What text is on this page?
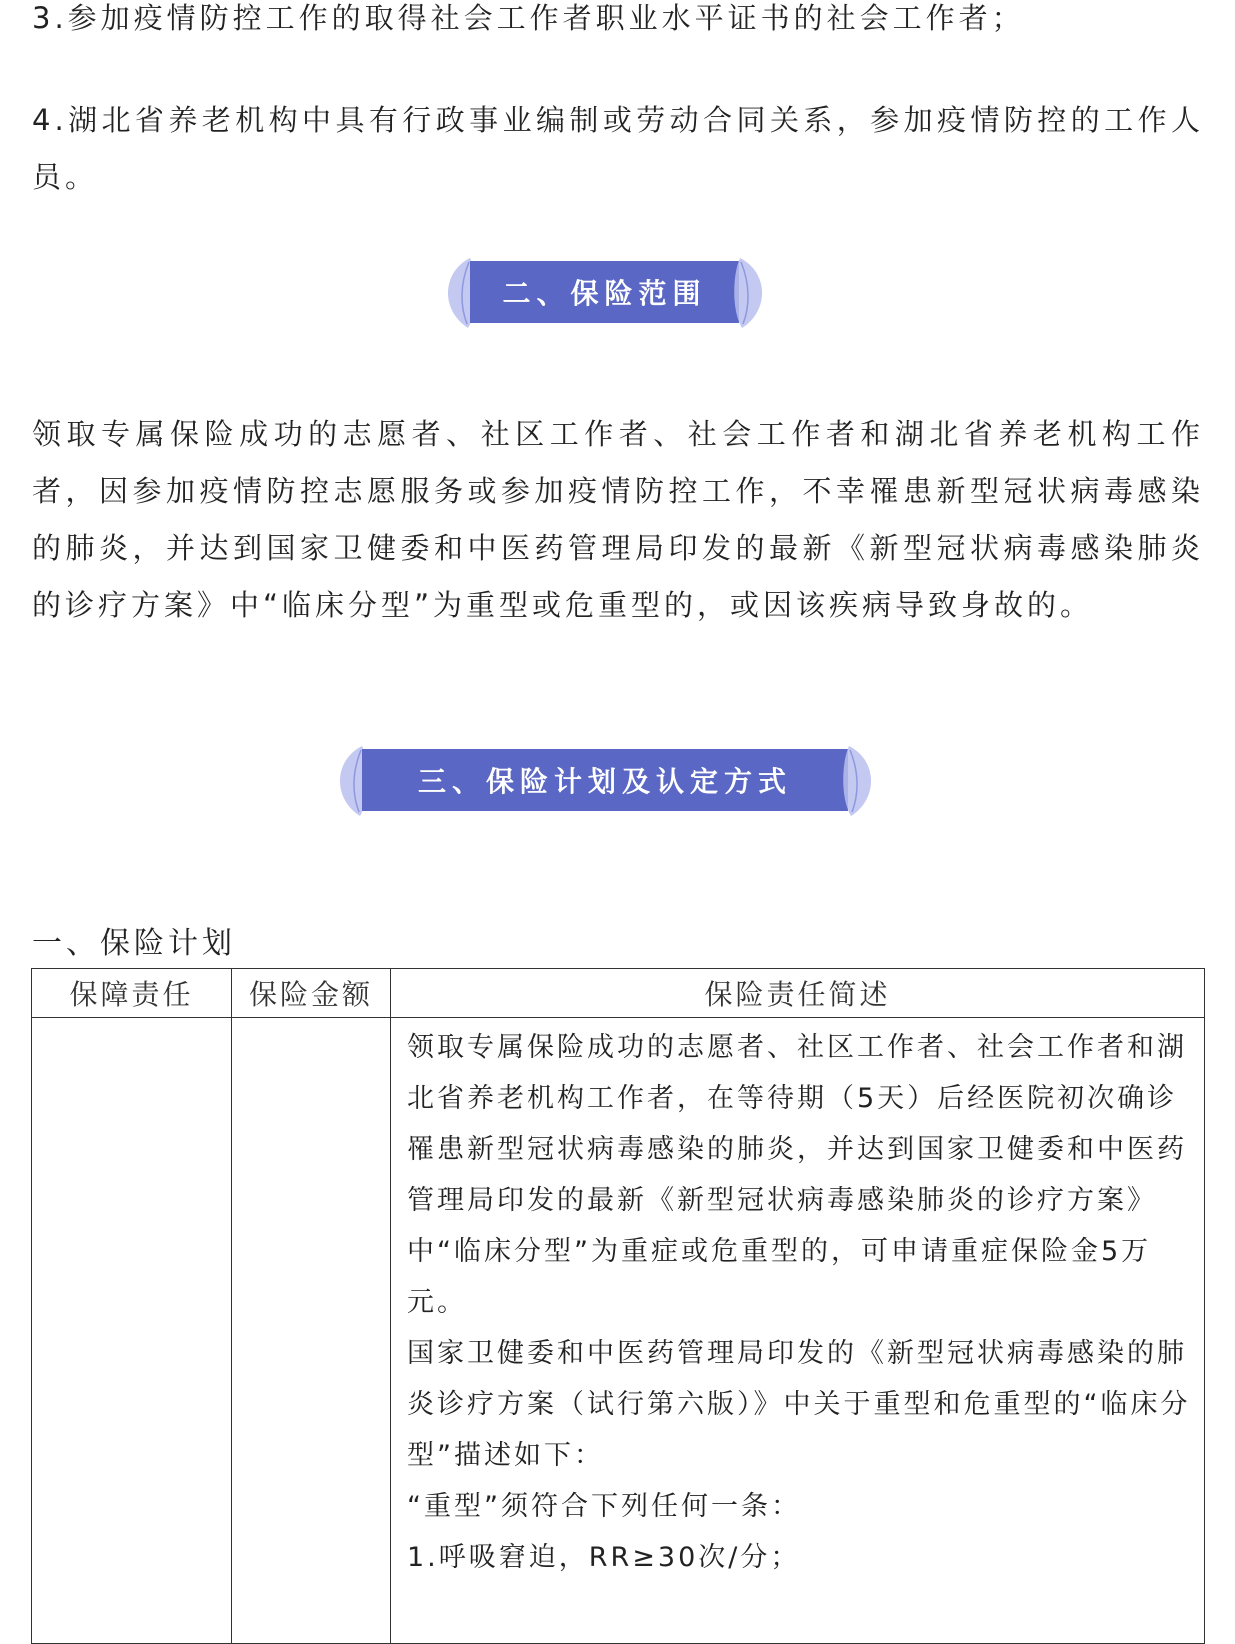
3.参加疫情防控工作的取得社会工作者职业水平证书的社会工作者；

4.湖北省养老机构中具有行政事业编制或劳动合同关系，参加疫情防控的工作人员。

二、保险范围

领取专属保险成功的志愿者、社区工作者、社会工作者和湖北省养老机构工作者，因参加疫情防控志愿服务或参加疫情防控工作，不幸罹患新型冠状病毒感染的肺炎，并达到国家卫健委和中医药管理局印发的最新《新型冠状病毒感染肺炎的诊疗方案》中“临床分型”为重型或危重型的，或因该疾病导致身故的。

三、保险计划及认定方式

一、保险计划

保障责任	保险金额	保险责任简述

		领取专属保险成功的志愿者、社区工作者、社会工作者和湖北省养老机构工作者，在等待期（5天）后经医院初次确诊罹患新型冠状病毒感染的肺炎，并达到国家卫健委和中医药管理局印发的最新《新型冠状病毒感染肺炎的诊疗方案》中“临床分型”为重症或危重型的，可申请重症保险金5万元。

国家卫健委和中医药管理局印发的《新型冠状病毒感染的肺炎诊疗方案（试行第六版）》中关于重型和危重型的“临床分型”描述如下：

“重型”须符合下列任何一条：

1.呼吸窘迫，RR≥30次/分；
